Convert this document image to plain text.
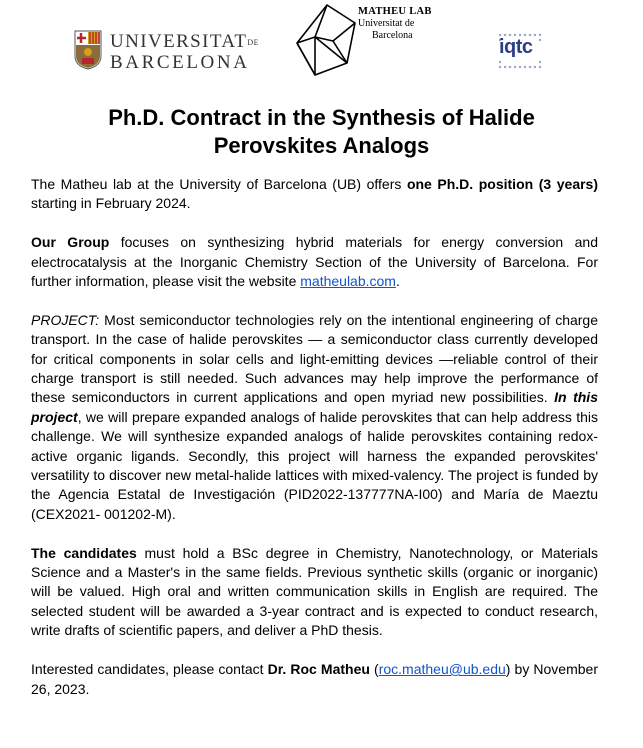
UNIVERSITATDE
BARCELONA
MATHEU LAB
Universitat de
Barcelona
iqtc
Ph.D. Contract in the Synthesis of Halide
Perovskites Analogs

The Matheu lab at the University of Barcelona (UB) offers one Ph.D. position (3 years) starting in February 2024.

Our Group focuses on synthesizing hybrid materials for energy conversion and electrocatalysis at the Inorganic Chemistry Section of the University of Barcelona. For further information, please visit the website matheulab.com.

PROJECT: Most semiconductor technologies rely on the intentional engineering of charge transport. In the case of halide perovskites — a semiconductor class currently developed for critical components in solar cells and light-emitting devices —reliable control of their charge transport is still needed. Such advances may help improve the performance of these semiconductors in current applications and open myriad new possibilities. In this project, we will prepare expanded analogs of halide perovskites that can help address this challenge. We will synthesize expanded analogs of halide perovskites containing redox-active organic ligands. Secondly, this project will harness the expanded perovskites' versatility to discover new metal-halide lattices with mixed-valency. The project is funded by the Agencia Estatal de Investigación (PID2022-137777NA-I00) and María de Maeztu (CEX2021- 001202-M).

The candidates must hold a BSc degree in Chemistry, Nanotechnology, or Materials Science and a Master's in the same fields. Previous synthetic skills (organic or inorganic) will be valued. High oral and written communication skills in English are required. The selected student will be awarded a 3-year contract and is expected to conduct research, write drafts of scientific papers, and deliver a PhD thesis.

Interested candidates, please contact Dr. Roc Matheu (roc.matheu@ub.edu) by November 26, 2023.
